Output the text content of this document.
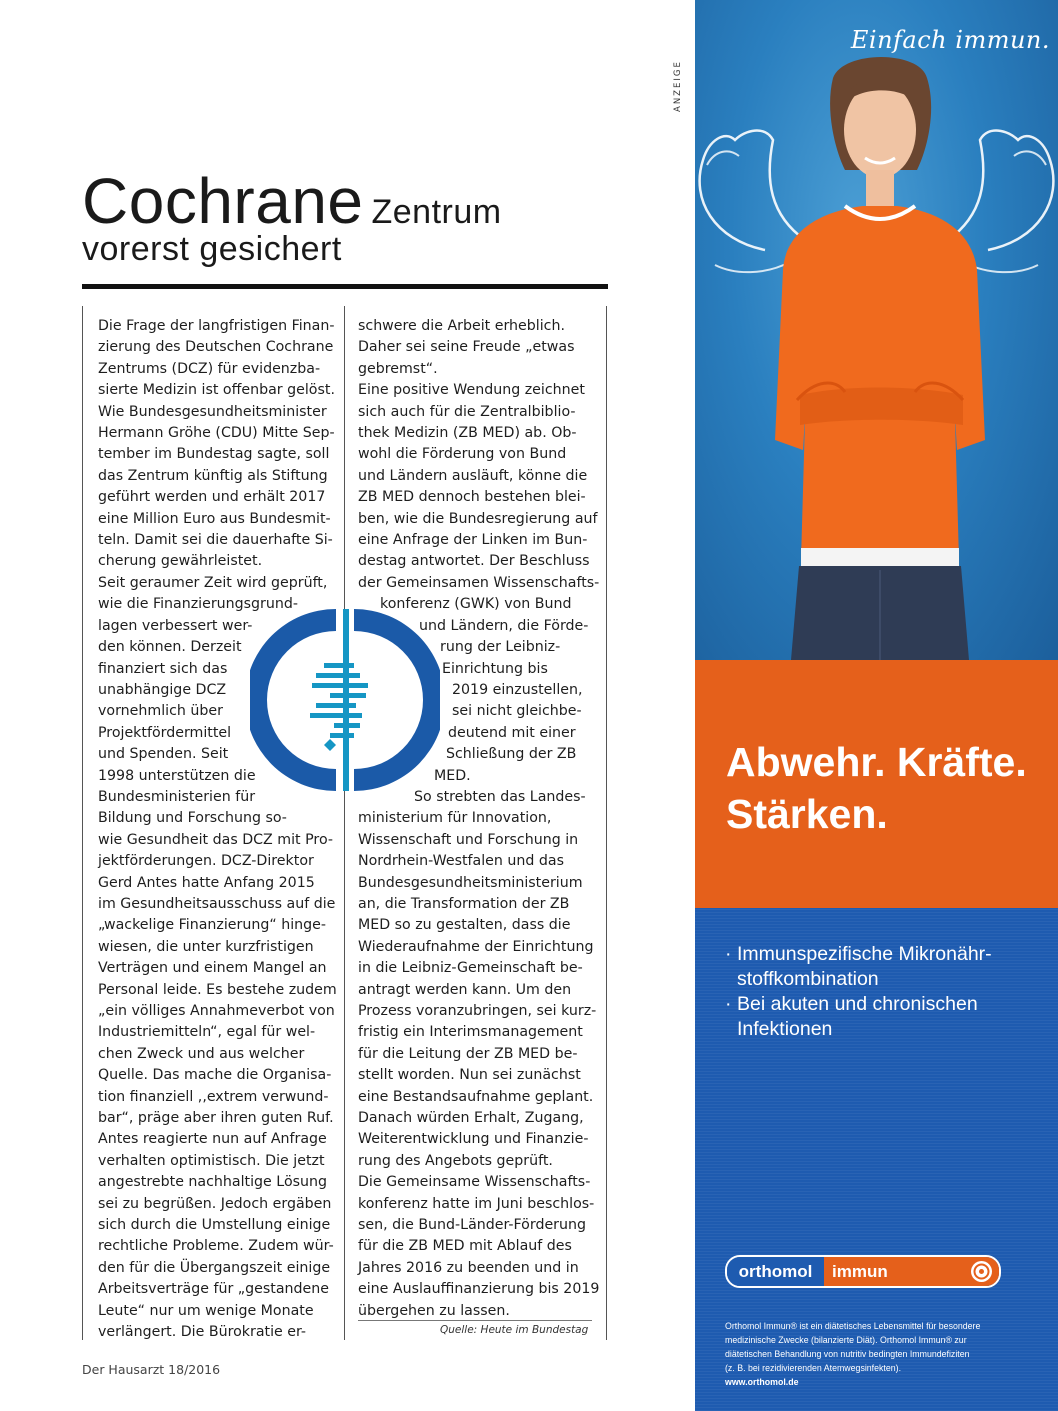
Cochrane Zentrum
vorerst gesichert
Die Frage der langfristigen Finan-
zierung des Deutschen Cochrane
Zentrums (DCZ) für evidenzba-
sierte Medizin ist offenbar gelöst.
Wie Bundesgesundheitsminister
Hermann Gröhe (CDU) Mitte Sep-
tember im Bundestag sagte, soll
das Zentrum künftig als Stiftung
geführt werden und erhält 2017
eine Million Euro aus Bundesmit-
teln. Damit sei die dauerhafte Si-
cherung gewährleistet.
Seit geraumer Zeit wird geprüft,
wie die Finanzierungsgrund-
lagen verbessert wer-
den können. Derzeit
finanziert sich das
unabhängige DCZ
vornehmlich über
Projektfördermittel
und Spenden. Seit
1998 unterstützen die
Bundesministerien für
Bildung und Forschung so-
wie Gesundheit das DCZ mit Pro-
jektförderungen. DCZ-Direktor
Gerd Antes hatte Anfang 2015
im Gesundheitsausschuss auf die
„wackelige Finanzierung“ hinge-
wiesen, die unter kurzfristigen
Verträgen und einem Mangel an
Personal leide. Es bestehe zudem
„ein völliges Annahmeverbot von
Industriemitteln“, egal für wel-
chen Zweck und aus welcher
Quelle. Das mache die Organisa-
tion finanziell ,,extrem verwund-
bar“, präge aber ihren guten Ruf.
Antes reagierte nun auf Anfrage
verhalten optimistisch. Die jetzt
angestrebte nachhaltige Lösung
sei zu begrüßen. Jedoch ergäben
sich durch die Umstellung einige
rechtliche Probleme. Zudem wür-
den für die Übergangszeit einige
Arbeitsverträge für „gestandene
Leute“ nur um wenige Monate
verlängert. Die Bürokratie er-
schwere die Arbeit erheblich.
Daher sei seine Freude „etwas
gebremst“.
Eine positive Wendung zeichnet
sich auch für die Zentralbiblio-
thek Medizin (ZB MED) ab. Ob-
wohl die Förderung von Bund
und Ländern ausläuft, könne die
ZB MED dennoch bestehen blei-
ben, wie die Bundesregierung auf
eine Anfrage der Linken im Bun-
destag antwortet. Der Beschluss
der Gemeinsamen Wissenschafts-
konferenz (GWK) von Bund
und Ländern, die Förde-
rung der Leibniz-
Einrichtung bis
2019 einzustellen,
sei nicht gleichbe-
deutend mit einer
Schließung der ZB
MED.
So strebten das Landes-
ministerium für Innovation,
Wissenschaft und Forschung in
Nordrhein-Westfalen und das
Bundesgesundheitsministerium
an, die Transformation der ZB
MED so zu gestalten, dass die
Wiederaufnahme der Einrichtung
in die Leibniz-Gemeinschaft be-
antragt werden kann. Um den
Prozess voranzubringen, sei kurz-
fristig ein Interimsmanagement
für die Leitung der ZB MED be-
stellt worden. Nun sei zunächst
eine Bestandsaufnahme geplant.
Danach würden Erhalt, Zugang,
Weiterentwicklung und Finanzie-
rung des Angebots geprüft.
Die Gemeinsame Wissenschafts-
konferenz hatte im Juni beschlos-
sen, die Bund-Länder-Förderung
für die ZB MED mit Ablauf des
Jahres 2016 zu beenden und in
eine Auslauffinanzierung bis 2019
übergehen zu lassen.
Quelle: Heute im Bundestag
Der Hausarzt 18/2016
ANZEIGE
Einfach immun.
Abwehr. Kräfte.
Stärken.
· Immunspezifische Mikronähr-
stoffkombination
· Bei akuten und chronischen
Infektionen
orthomol	immun
Orthomol Immun® ist ein diätetisches Lebensmittel für besondere
medizinische Zwecke (bilanzierte Diät). Orthomol Immun® zur
diätetischen Behandlung von nutritiv bedingten Immundefiziten
(z. B. bei rezidivierenden Atemwegsinfekten).
www.orthomol.de
